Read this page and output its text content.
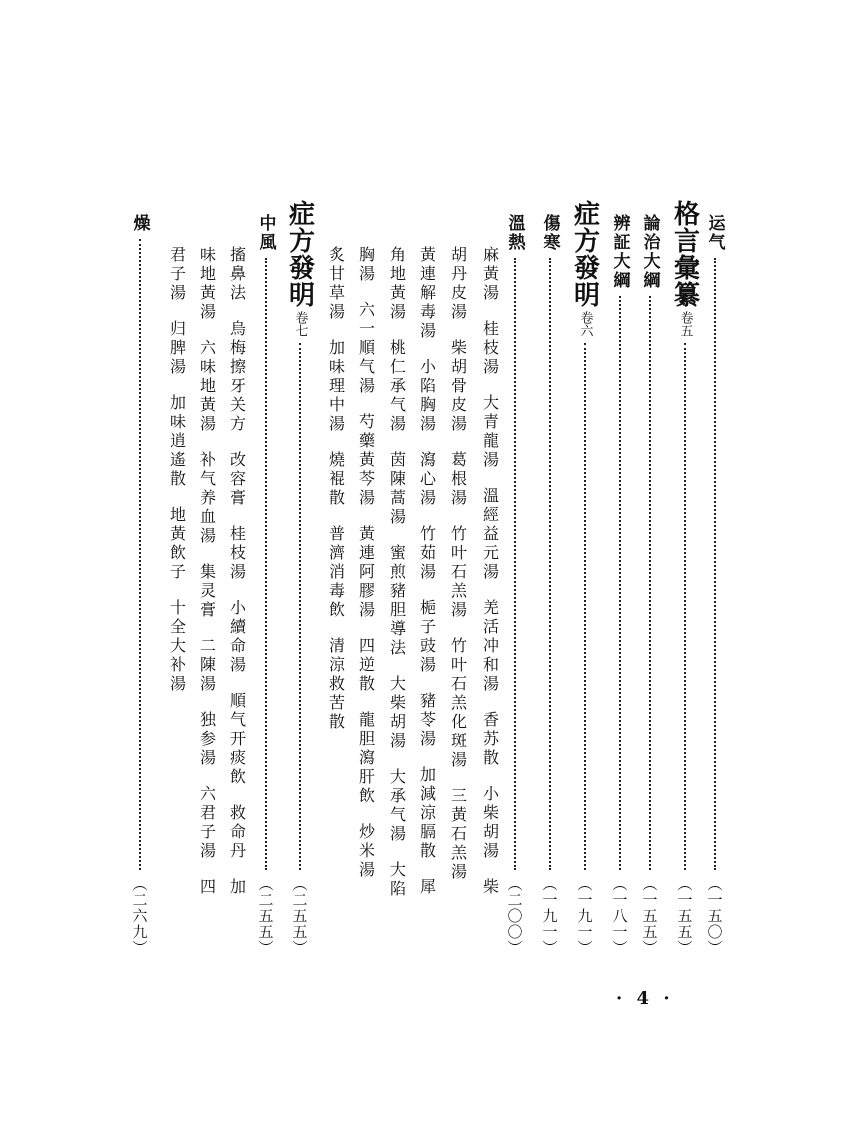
运气
（一五〇）
格言彙纂
卷五
（一五五）
論治大綱
（一五五）
辨証大綱
（一八一）
症方發明
卷六
（一九一）
傷寒
（一九一）
溫熱
（二〇〇）
麻黃湯
桂枝湯
大青龍湯
溫經益元湯
羌活冲和湯
香苏散
小柴胡湯
柴
胡丹皮湯
柴胡骨皮湯
葛根湯
竹叶石羔湯
竹叶石羔化斑湯
三黃石羔湯
黃連解毒湯
小陷胸湯
瀉心湯
竹茹湯
梔子豉湯
豬苓湯
加減涼膈散
犀
角地黃湯
桃仁承气湯
茵陳蒿湯
蜜煎豬胆導法
大柴胡湯
大承气湯
大陷
胸湯
六一順气湯
芍藥黃芩湯
黃連阿膠湯
四逆散
龍胆瀉肝飲
炒米湯
炙甘草湯
加味理中湯
燒裩散
普濟消毒飲
清涼救苦散
症方發明
卷七
（二五五）
中風
（二五五）
搐鼻法
烏梅擦牙关方
改容膏
桂枝湯
小續命湯
順气开痰飲
救命丹
加
味地黃湯
六味地黃湯
补气养血湯
集灵膏
二陳湯
独参湯
六君子湯
四
君子湯
归脾湯
加味逍遙散
地黃飲子
十全大补湯
燥
（二六九）
· 4 ·
